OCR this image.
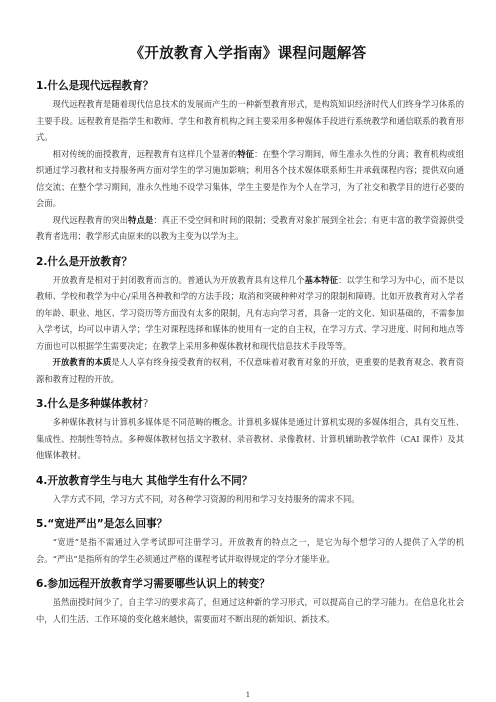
《开放教育入学指南》课程问题解答
1.什么是现代远程教育？

现代远程教育是随着现代信息技术的发展而产生的一种新型教育形式，是构筑知识经济时代人们终身学习体系的主要手段。远程教育是指学生和教师、学生和教育机构之间主要采用多种媒体手段进行系统教学和通信联系的教育形式。

相对传统的面授教育，远程教育有这样几个显著的特征：在整个学习期间，师生准永久性的分离；教育机构或组织通过学习教材和支持服务两方面对学生的学习施加影响；利用各个技术媒体联系师生并承载课程内容；提供双向通信交流；在整个学习期间，准永久性地不设学习集体，学生主要是作为个人在学习，为了社交和教学目的进行必要的会面。

现代远程教育的突出特点是：真正不受空间和时间的限制；受教育对象扩展到全社会；有更丰富的教学资源供受教育者选用；教学形式由原来的以教为主变为以学为主。

2.什么是开放教育？

开放教育是相对于封闭教育而言的。普通认为开放教育具有这样几个基本特征：以学生和学习为中心，而不是以教师、学校和教学为中心/采用各种教和学的方法手段；取消和突破种种对学习的限制和障碍。比如开放教育对入学者的年龄、职业、地区、学习资历等方面没有太多的限制，凡有志向学习者，具备一定的文化、知识基础的，不需参加入学考试，均可以申请入学；学生对课程选择和媒体的使用有一定的自主权，在学习方式、学习进度、时间和地点等方面也可以根据学生需要决定；在教学上采用多种媒体教材和现代信息技术手段等等。

开放教育的本质是人人享有终身接受教育的权利，不仅意味着对教育对象的开放，更重要的是教育观念、教育资源和教育过程的开放。

3.什么是多种媒体教材?

多种媒体教材与计算机多媒体是不同范畴的概念。计算机多媒体是通过计算机实现的多媒体组合，具有交互性、集成性、控制性等特点。多种媒体教材包括文字教材、录音教材、录像教材、计算机辅助教学软件（CAI 课件）及其他媒体教材。

4.开放教育学生与电大 其他学生有什么不同？

入学方式不同，学习方式不同，对各种学习资源的利用和学习支持服务的需求不同。

5.“宽进严出”是怎么回事？

“宽进”是指不需通过入学考试即可注册学习。开放教育的特点之一，是它为每个想学习的人提供了入学的机会。“严出”是指所有的学生必须通过严格的课程考试并取得规定的学分才能毕业。

6.参加远程开放教育学习需要哪些认识上的转变？

虽然面授时间少了，自主学习的要求高了，但通过这种新的学习形式，可以提高自己的学习能力。在信息化社会中，人们生活、工作环境的变化越来越快，需要面对不断出现的新知识、新技术。

1
